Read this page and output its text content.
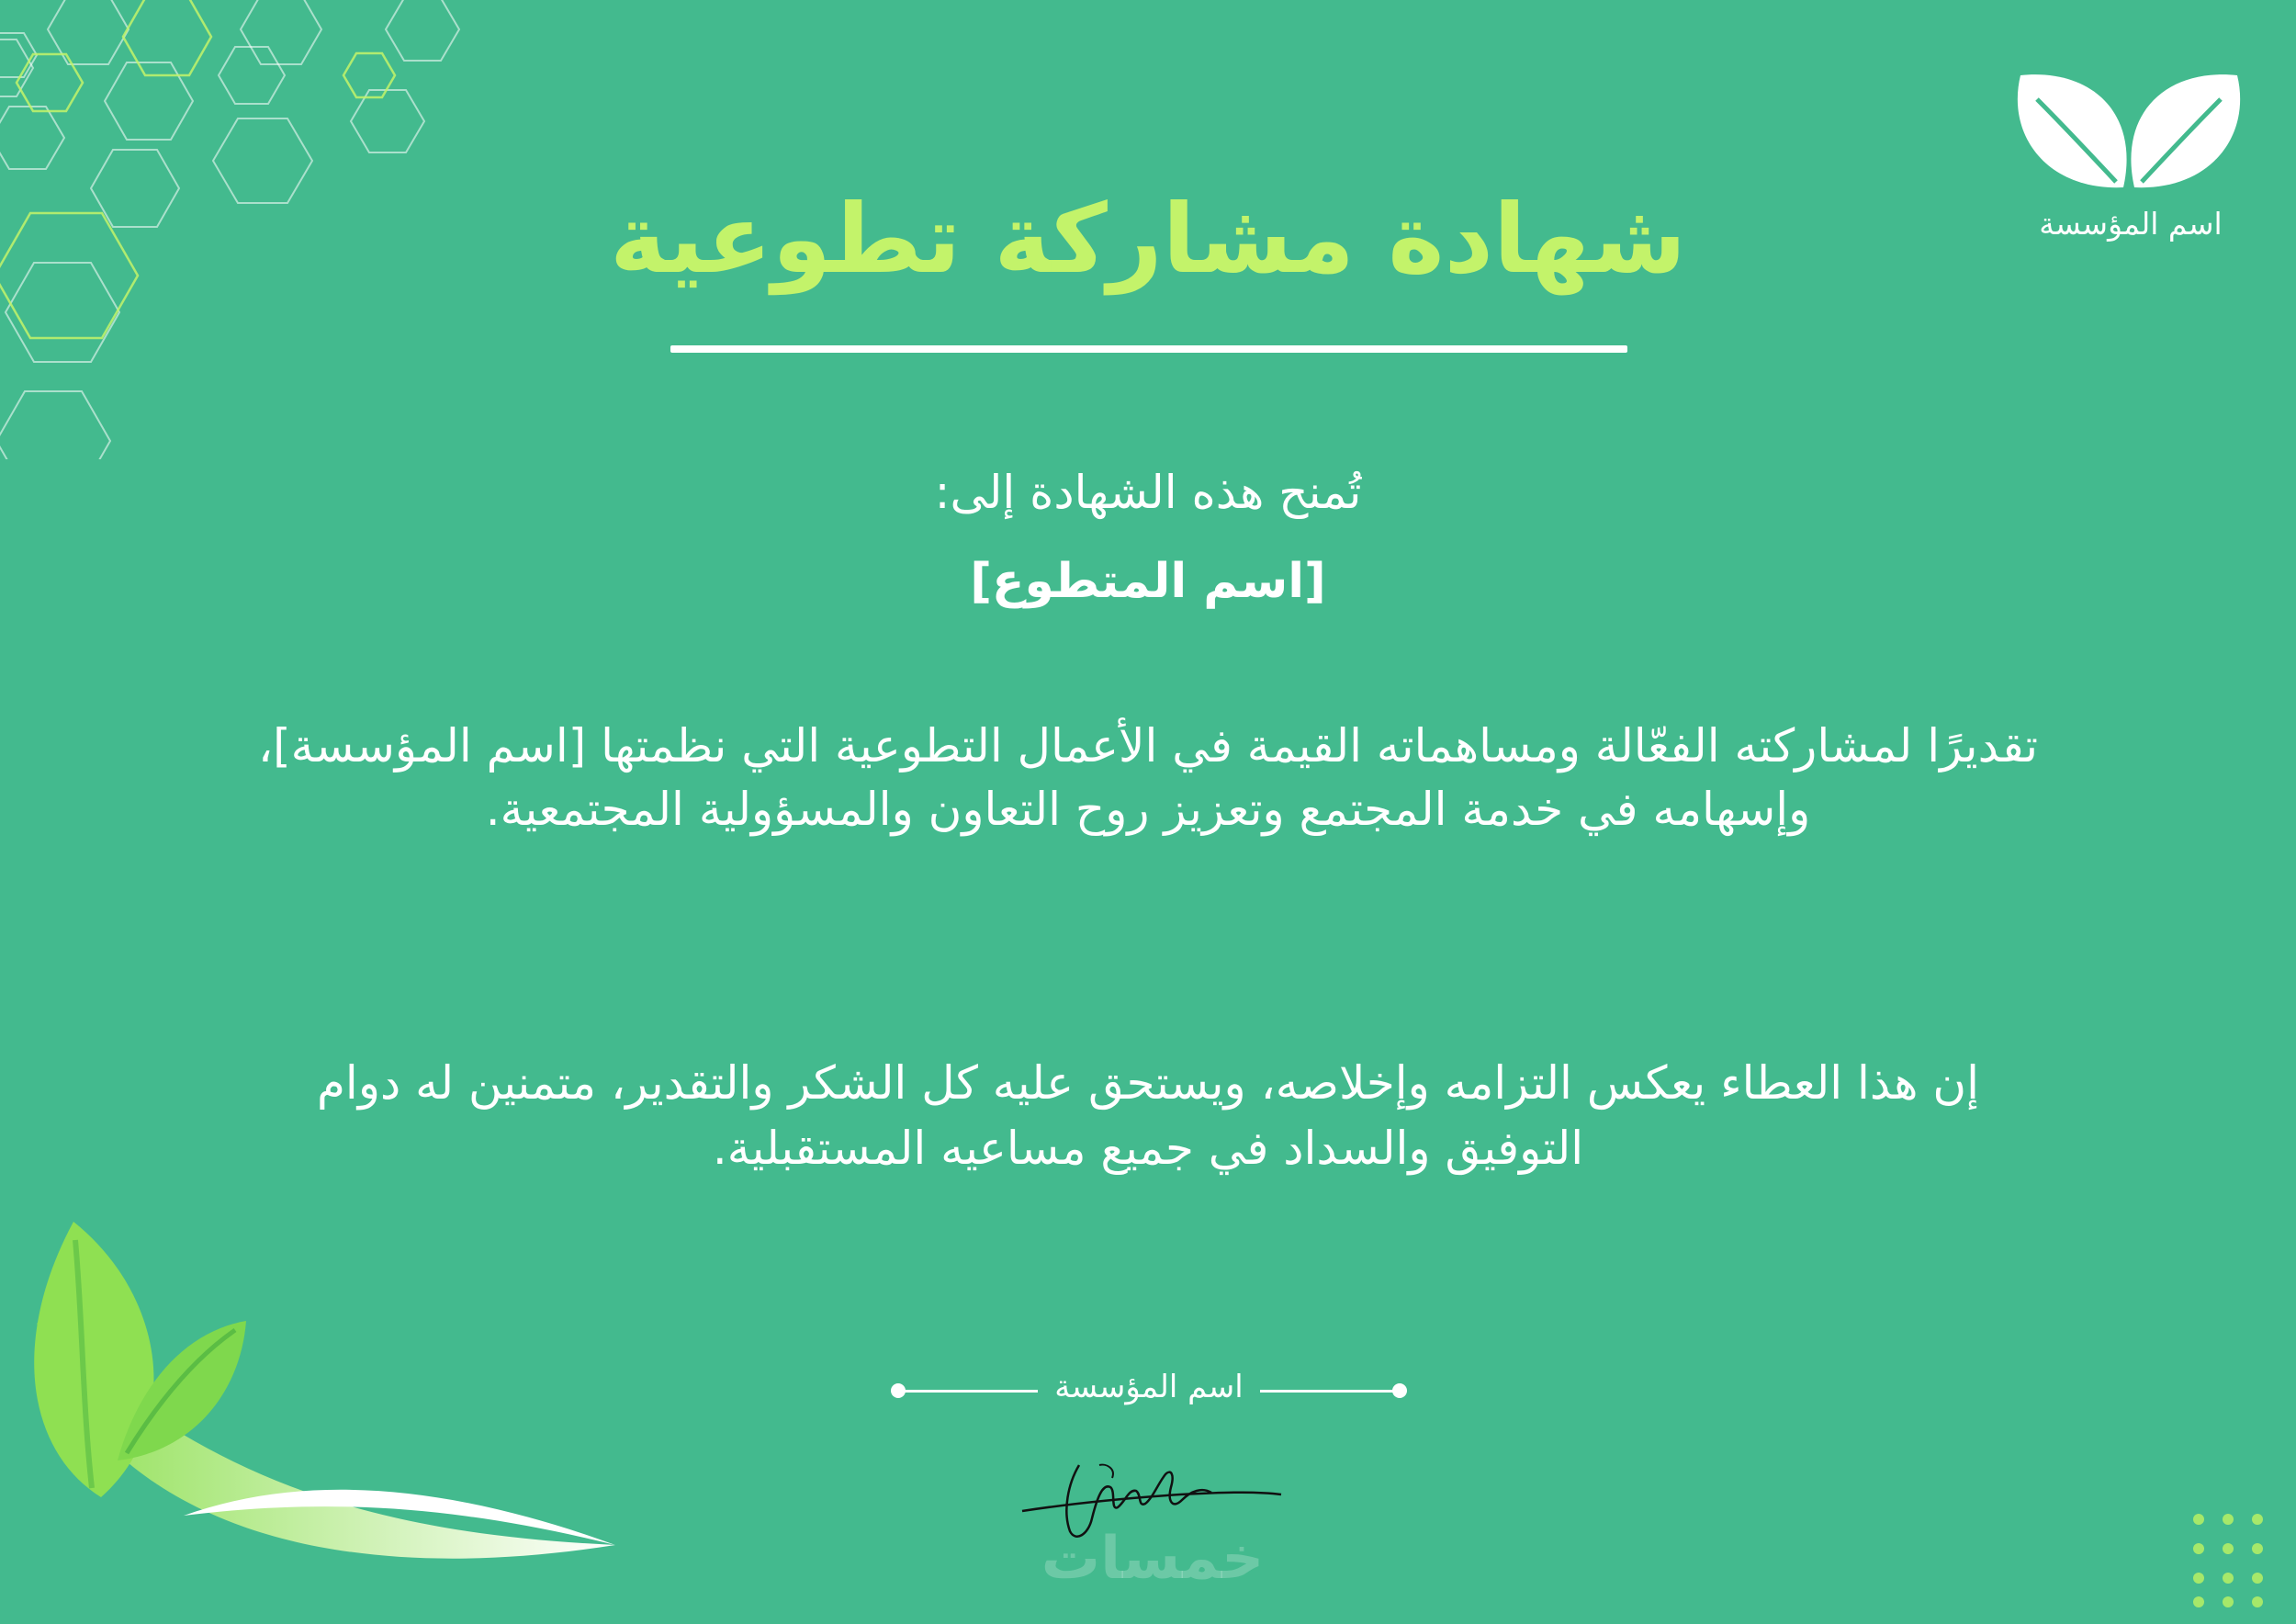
اسم المؤسسة
شهادة مشاركة تطوعية
تُمنح هذه الشهادة إلى:
[اسم المتطوع]
تقديرًا لمشاركته الفعّالة ومساهماته القيمة في الأعمال التطوعية التي نظمتها [اسم المؤسسة]، وإسهامه في خدمة المجتمع وتعزيز روح التعاون والمسؤولية المجتمعية.
إن هذا العطاء يعكس التزامه وإخلاصه، ويستحق عليه كل الشكر والتقدير، متمنين له دوام التوفيق والسداد في جميع مساعيه المستقبلية.
اسم المؤسسة
خمسات
